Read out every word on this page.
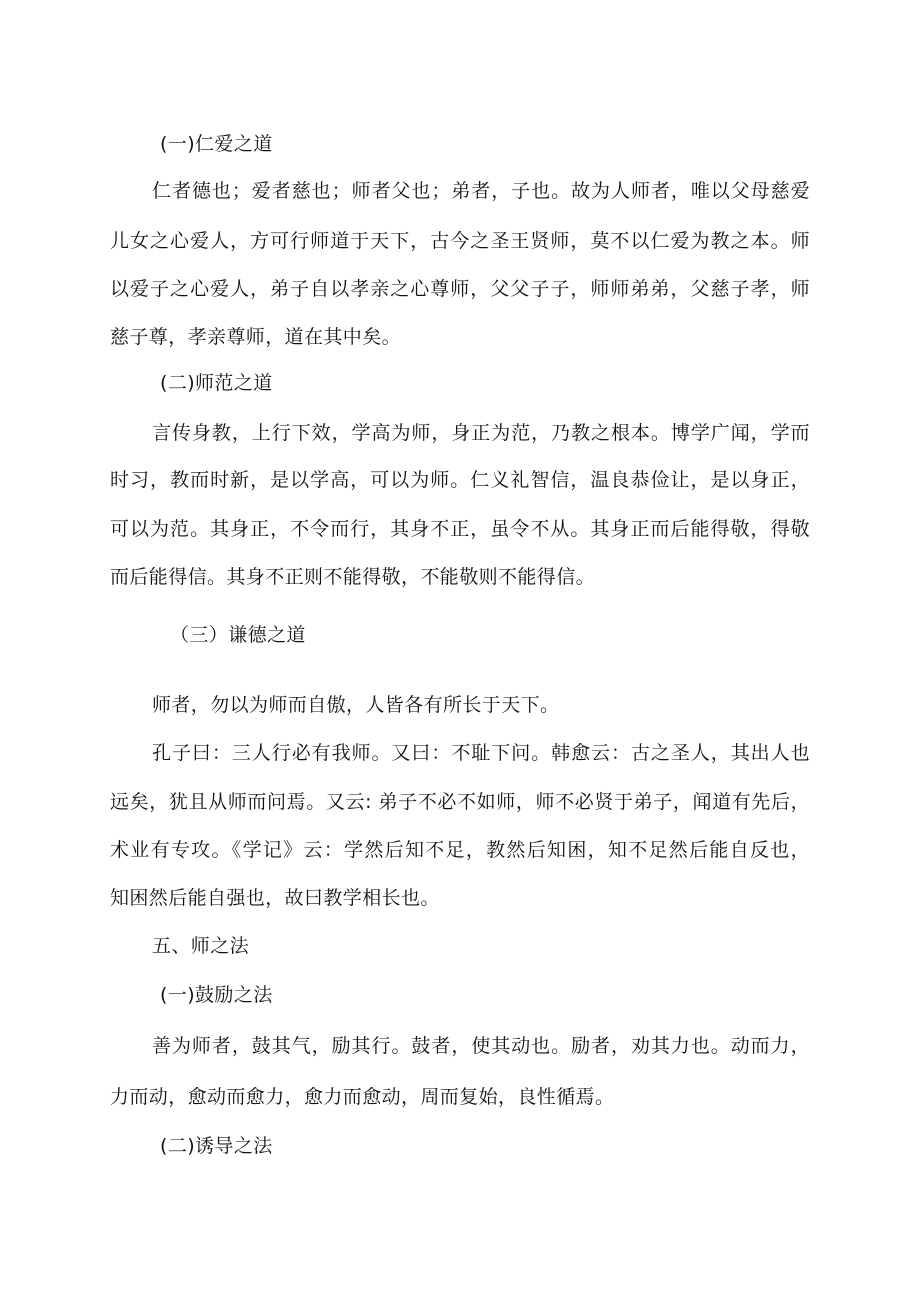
(一)仁爱之道
仁者德也；爱者慈也；师者父也；弟者，子也。故为人师者，唯以父母慈爱
儿女之心爱人，方可行师道于天下，古今之圣王贤师，莫不以仁爱为教之本。师
以爱子之心爱人，弟子自以孝亲之心尊师，父父子子，师师弟弟，父慈子孝，师
慈子尊，孝亲尊师，道在其中矣。
(二)师范之道
言传身教，上行下效，学高为师，身正为范，乃教之根本。博学广闻，学而
时习，教而时新，是以学高，可以为师。仁义礼智信，温良恭俭让，是以身正，
可以为范。其身正，不令而行，其身不正，虽令不从。其身正而后能得敬，得敬
而后能得信。其身不正则不能得敬，不能敬则不能得信。
（三）谦德之道
师者，勿以为师而自傲，人皆各有所长于天下。
孔子曰：三人行必有我师。又曰：不耻下问。韩愈云：古之圣人，其出人也
远矣，犹且从师而问焉。又云: 弟子不必不如师，师不必贤于弟子，闻道有先后，
术业有专攻。《学记》云：学然后知不足，教然后知困，知不足然后能自反也，
知困然后能自强也，故曰教学相长也。
五、师之法
(一)鼓励之法
善为师者，鼓其气，励其行。鼓者，使其动也。励者，劝其力也。动而力，
力而动，愈动而愈力，愈力而愈动，周而复始，良性循焉。
(二)诱导之法
